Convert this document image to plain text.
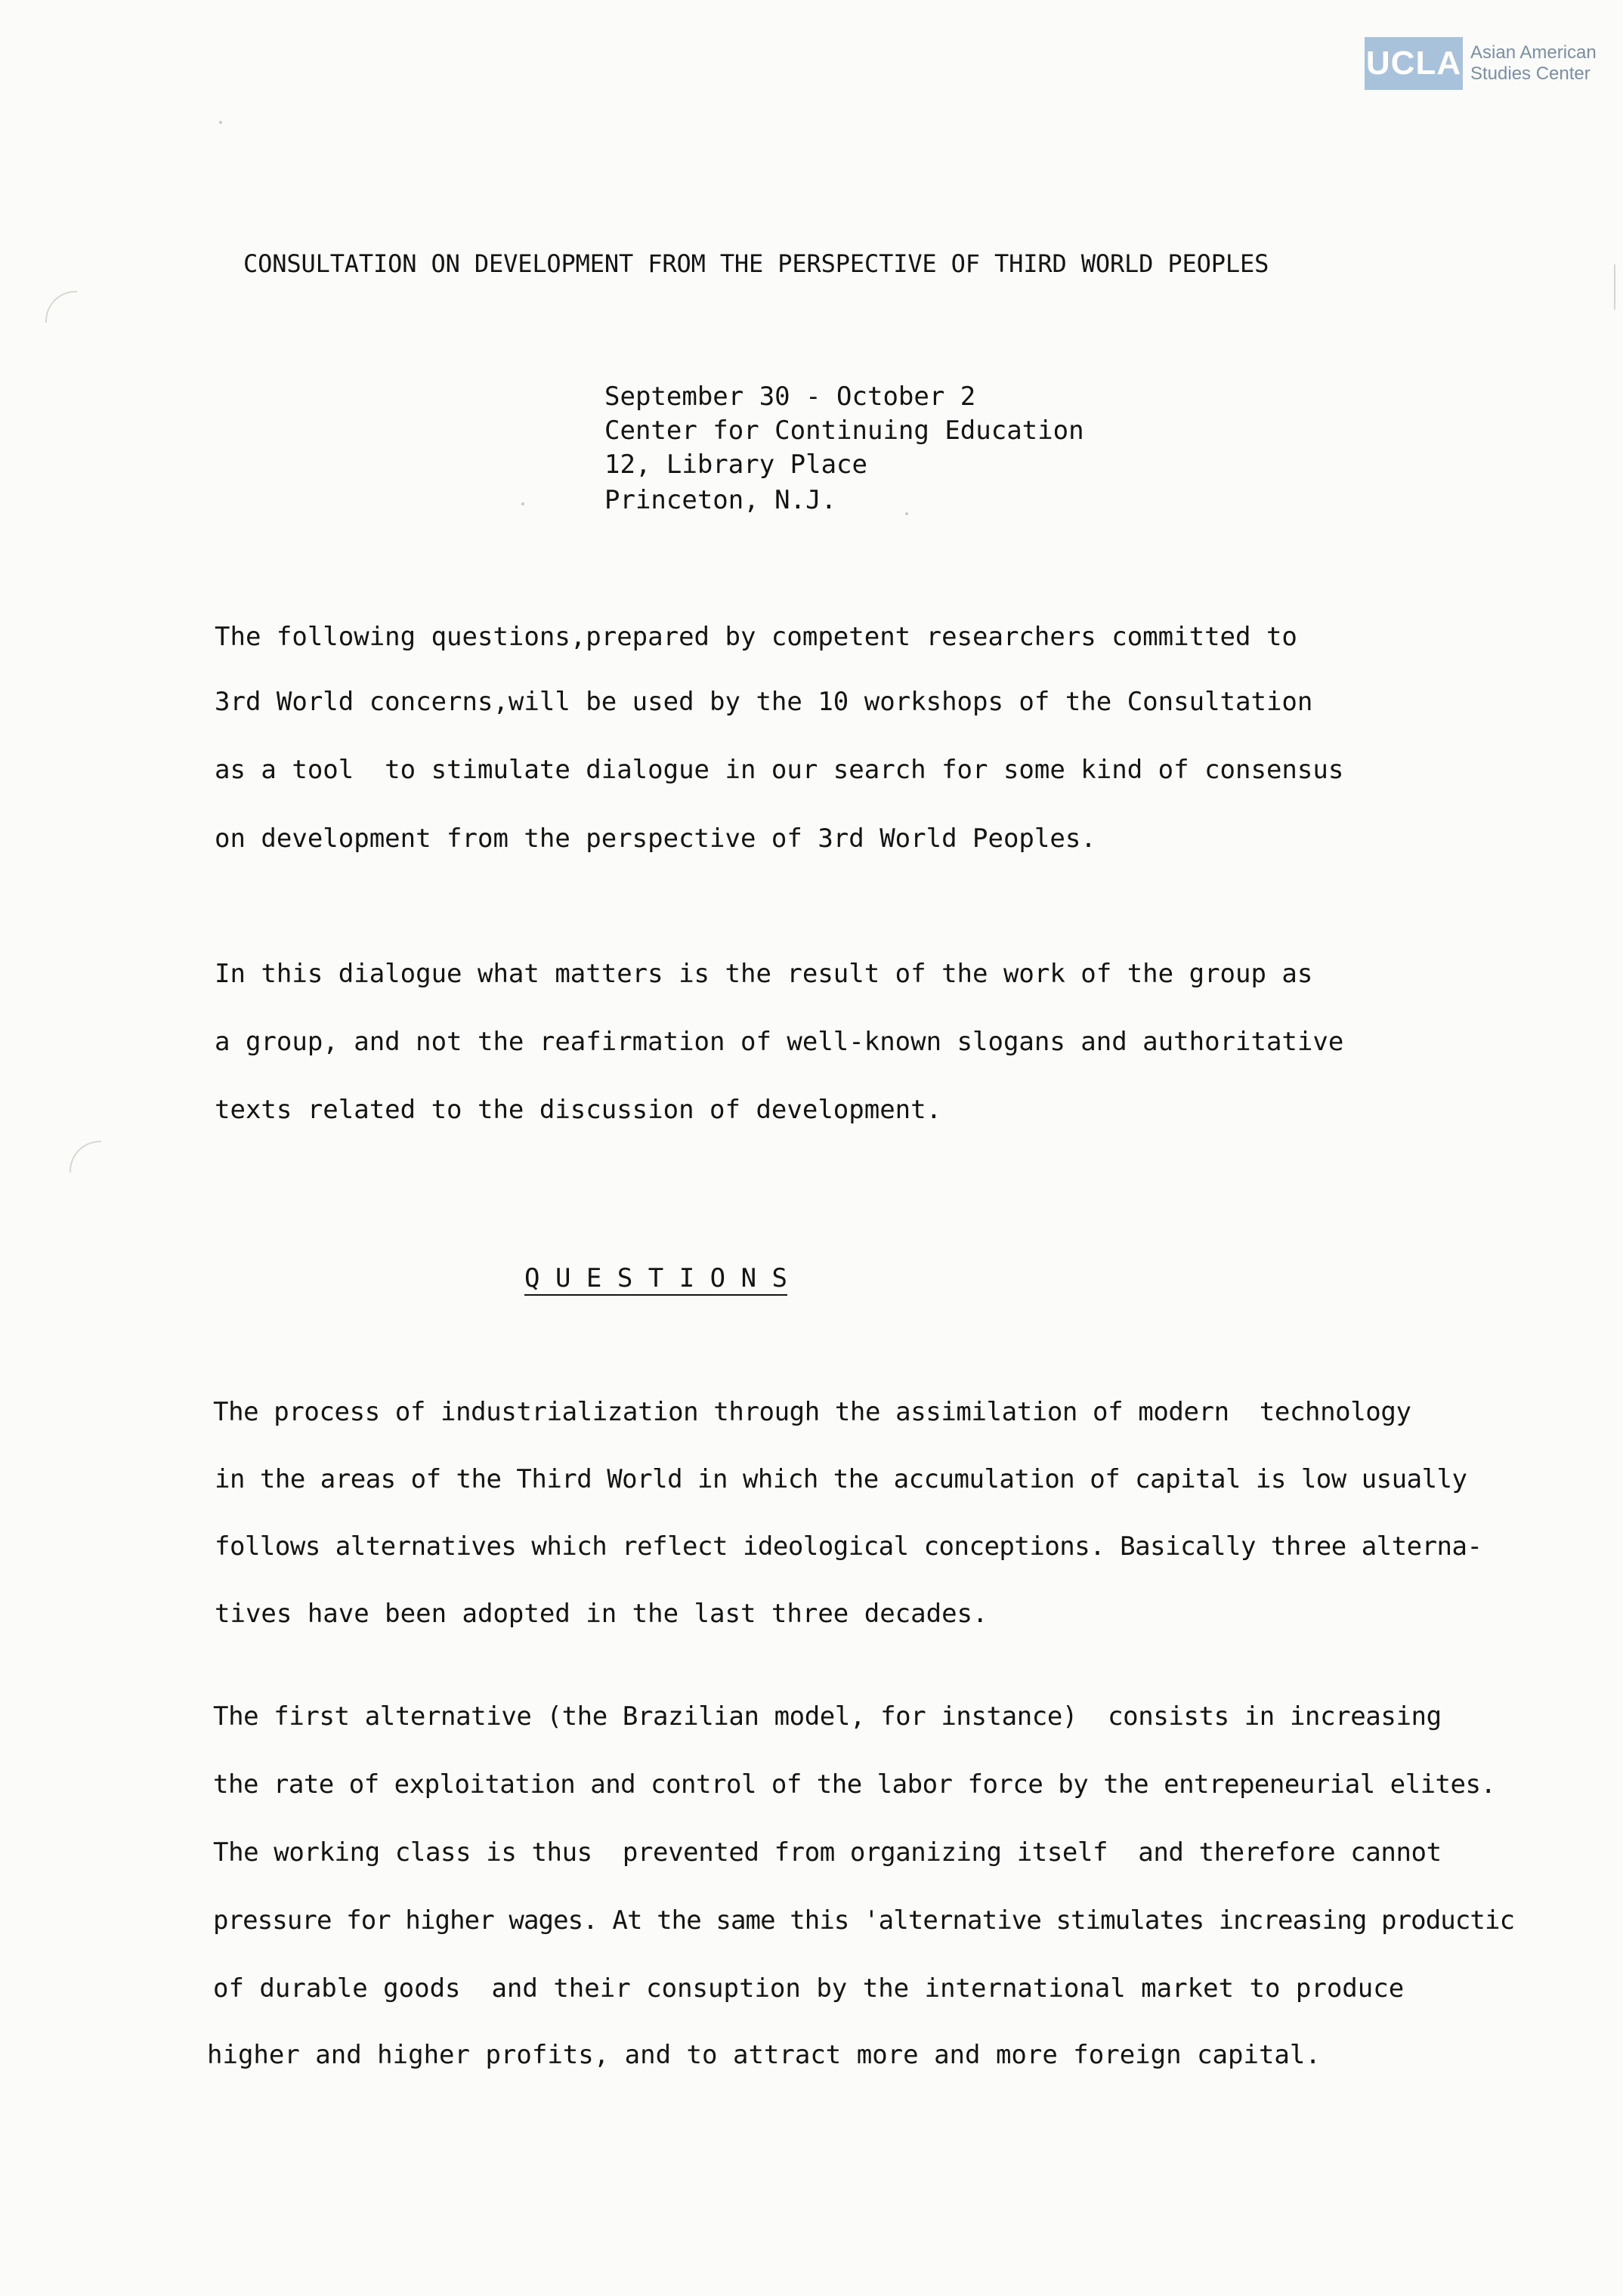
UCLA Asian American
Studies Center
CONSULTATION ON DEVELOPMENT FROM THE PERSPECTIVE OF THIRD WORLD PEOPLES
September 30 - October 2
Center for Continuing Education
12, Library Place
Princeton, N.J.
The following questions,prepared by competent researchers committed to
3rd World concerns,will be used by the 10 workshops of the Consultation
as a tool  to stimulate dialogue in our search for some kind of consensus
on development from the perspective of 3rd World Peoples.
In this dialogue what matters is the result of the work of the group as
a group, and not the reafirmation of well-known slogans and authoritative
texts related to the discussion of development.
Q U E S T I O N S
The process of industrialization through the assimilation of modern  technology
in the areas of the Third World in which the accumulation of capital is low usually
follows alternatives which reflect ideological conceptions. Basically three alterna-
tives have been adopted in the last three decades.
The first alternative (the Brazilian model, for instance)  consists in increasing
the rate of exploitation and control of the labor force by the entrepeneurial elites.
The working class is thus  prevented from organizing itself  and therefore cannot
pressure for higher wages. At the same this 'alternative stimulates increasing productic
of durable goods  and their consuption by the international market to produce
higher and higher profits, and to attract more and more foreign capital.
